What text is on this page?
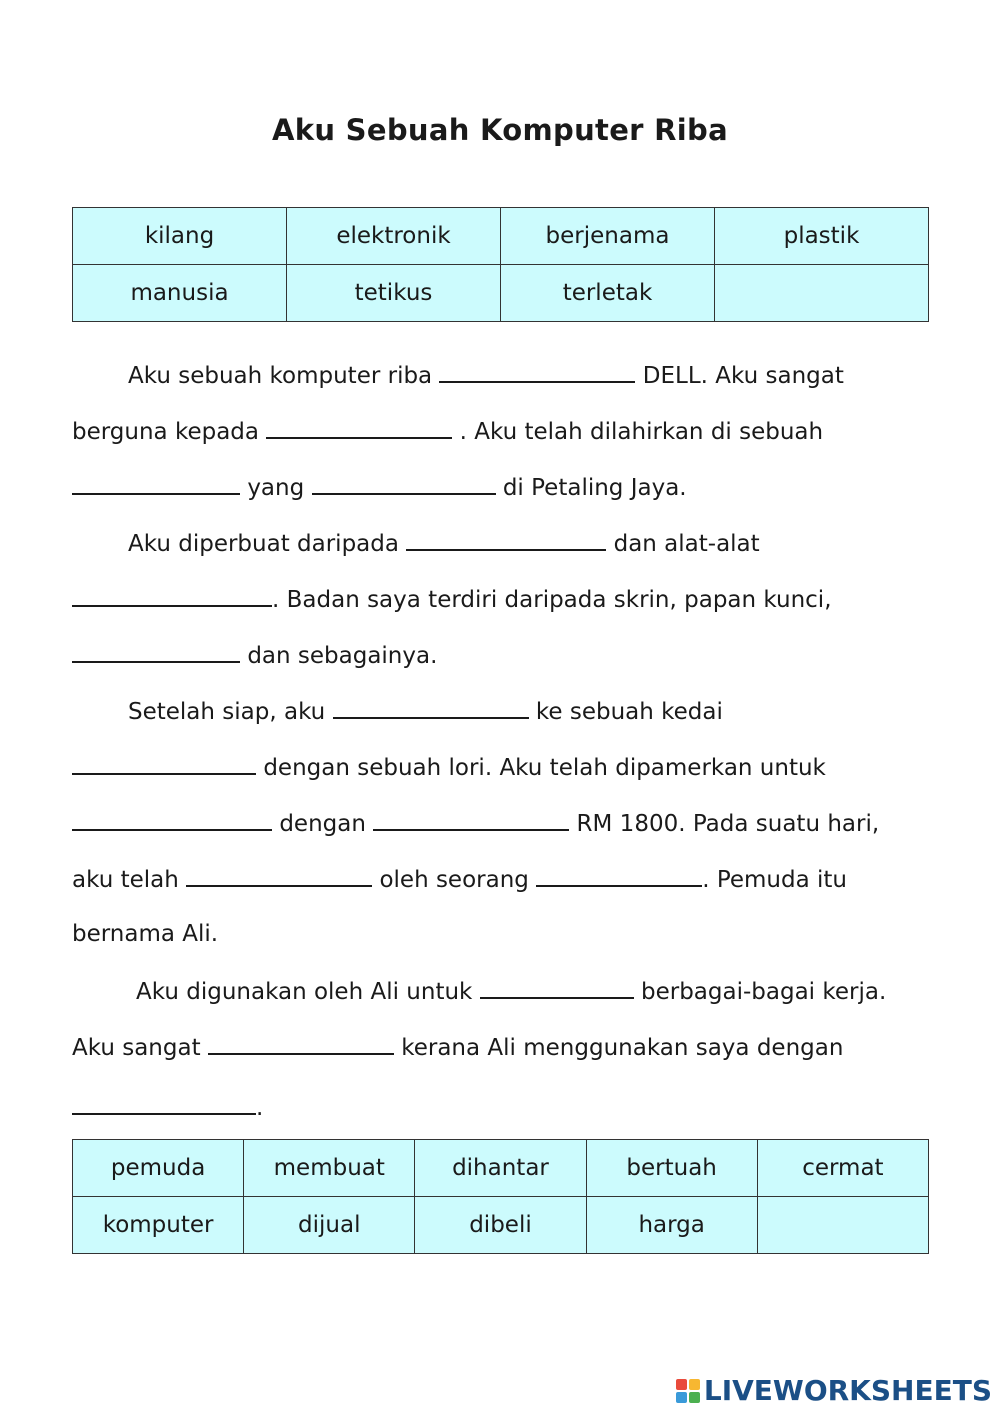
Aku Sebuah Komputer Riba
kilang	elektronik	berjenama	plastik
manusia	tetikus	terletak	
Aku sebuah komputer riba	DELL. Aku sangat
berguna kepada	. Aku telah dilahirkan di sebuah
yang	di Petaling Jaya.
Aku diperbuat daripada	dan alat-alat
. Badan saya terdiri daripada skrin, papan kunci,
dan sebagainya.
Setelah siap, aku	ke sebuah kedai
dengan sebuah lori. Aku telah dipamerkan untuk
dengan	RM 1800. Pada suatu hari,
aku telah	oleh seorang	. Pemuda itu
bernama Ali.
Aku digunakan oleh Ali untuk	berbagai-bagai kerja.
Aku sangat	kerana Ali menggunakan saya dengan
.
pemuda	membuat	dihantar	bertuah	cermat
komputer	dijual	dibeli	harga	
LIVEWORKSHEETS
